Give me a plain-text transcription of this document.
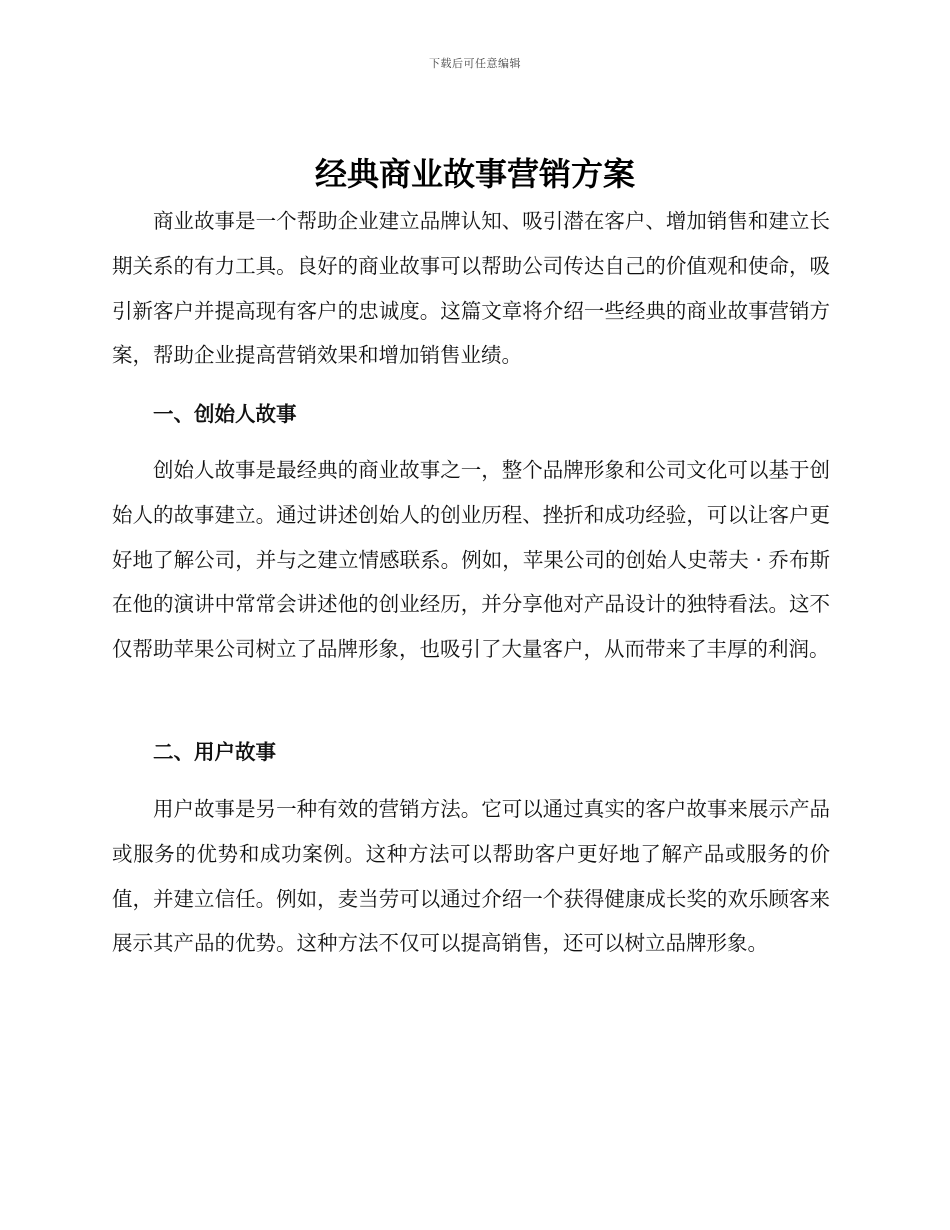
下载后可任意编辑
经典商业故事营销方案

商业故事是一个帮助企业建立品牌认知、吸引潜在客户、增加销售和建立长期关系的有力工具。良好的商业故事可以帮助公司传达自己的价值观和使命，吸引新客户并提高现有客户的忠诚度。这篇文章将介绍一些经典的商业故事营销方案，帮助企业提高营销效果和增加销售业绩。

一、创始人故事

创始人故事是最经典的商业故事之一，整个品牌形象和公司文化可以基于创始人的故事建立。通过讲述创始人的创业历程、挫折和成功经验，可以让客户更好地了解公司，并与之建立情感联系。例如，苹果公司的创始人史蒂夫 · 乔布斯在他的演讲中常常会讲述他的创业经历，并分享他对产品设计的独特看法。这不仅帮助苹果公司树立了品牌形象，也吸引了大量客户，从而带来了丰厚的利润。

二、用户故事

用户故事是另一种有效的营销方法。它可以通过真实的客户故事来展示产品或服务的优势和成功案例。这种方法可以帮助客户更好地了解产品或服务的价值，并建立信任。例如，麦当劳可以通过介绍一个获得健康成长奖的欢乐顾客来展示其产品的优势。这种方法不仅可以提高销售，还可以树立品牌形象。
